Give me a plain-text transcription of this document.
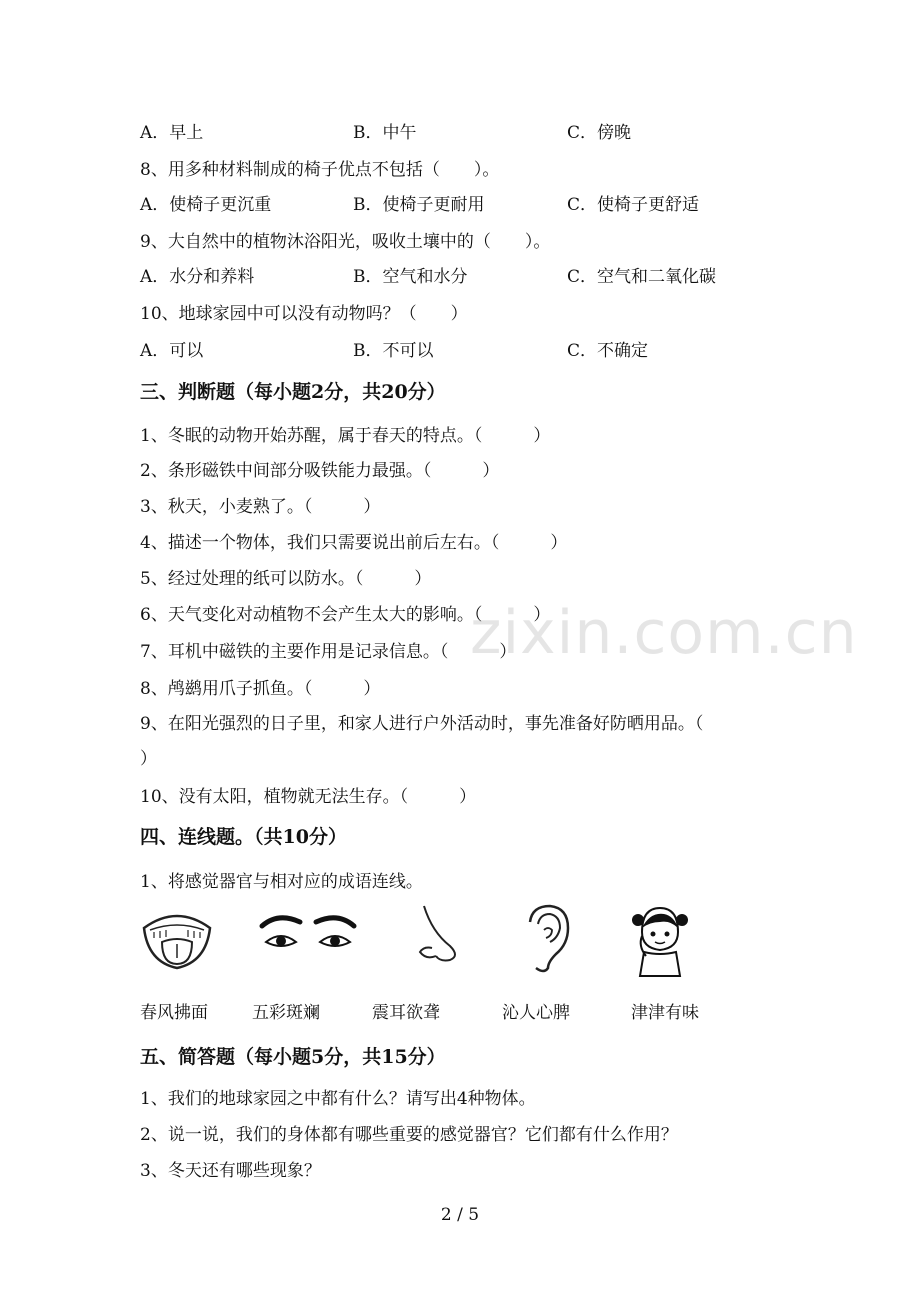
zixin.com.cn
A．早上	B．中午	C．傍晚
8、用多种材料制成的椅子优点不包括（　　）。
A．使椅子更沉重	B．使椅子更耐用	C．使椅子更舒适
9、大自然中的植物沐浴阳光，吸收土壤中的（　　）。
A．水分和养料	B．空气和水分	C．空气和二氧化碳
10、地球家园中可以没有动物吗？（　　）
A．可以	B．不可以	C．不确定
三、判断题（每小题2分，共20分）
1、冬眠的动物开始苏醒，属于春天的特点。（　　　）
2、条形磁铁中间部分吸铁能力最强。（　　　）
3、秋天，小麦熟了。（　　　）
4、描述一个物体，我们只需要说出前后左右。（　　　）
5、经过处理的纸可以防水。（　　　）
6、天气变化对动植物不会产生太大的影响。（　　　）
7、耳机中磁铁的主要作用是记录信息。（　　　）
8、鸬鹚用爪子抓鱼。（　　　）
9、在阳光强烈的日子里，和家人进行户外活动时，事先准备好防晒用品。（
）
10、没有太阳，植物就无法生存。（　　　）
四、连线题。（共10分）
1、将感觉器官与相对应的成语连线。
春风拂面	五彩斑斓	震耳欲聋	沁人心脾	津津有味
五、简答题（每小题5分，共15分）
1、我们的地球家园之中都有什么？请写出4种物体。
2、说一说，我们的身体都有哪些重要的感觉器官？它们都有什么作用？
3、冬天还有哪些现象？
2 / 5
